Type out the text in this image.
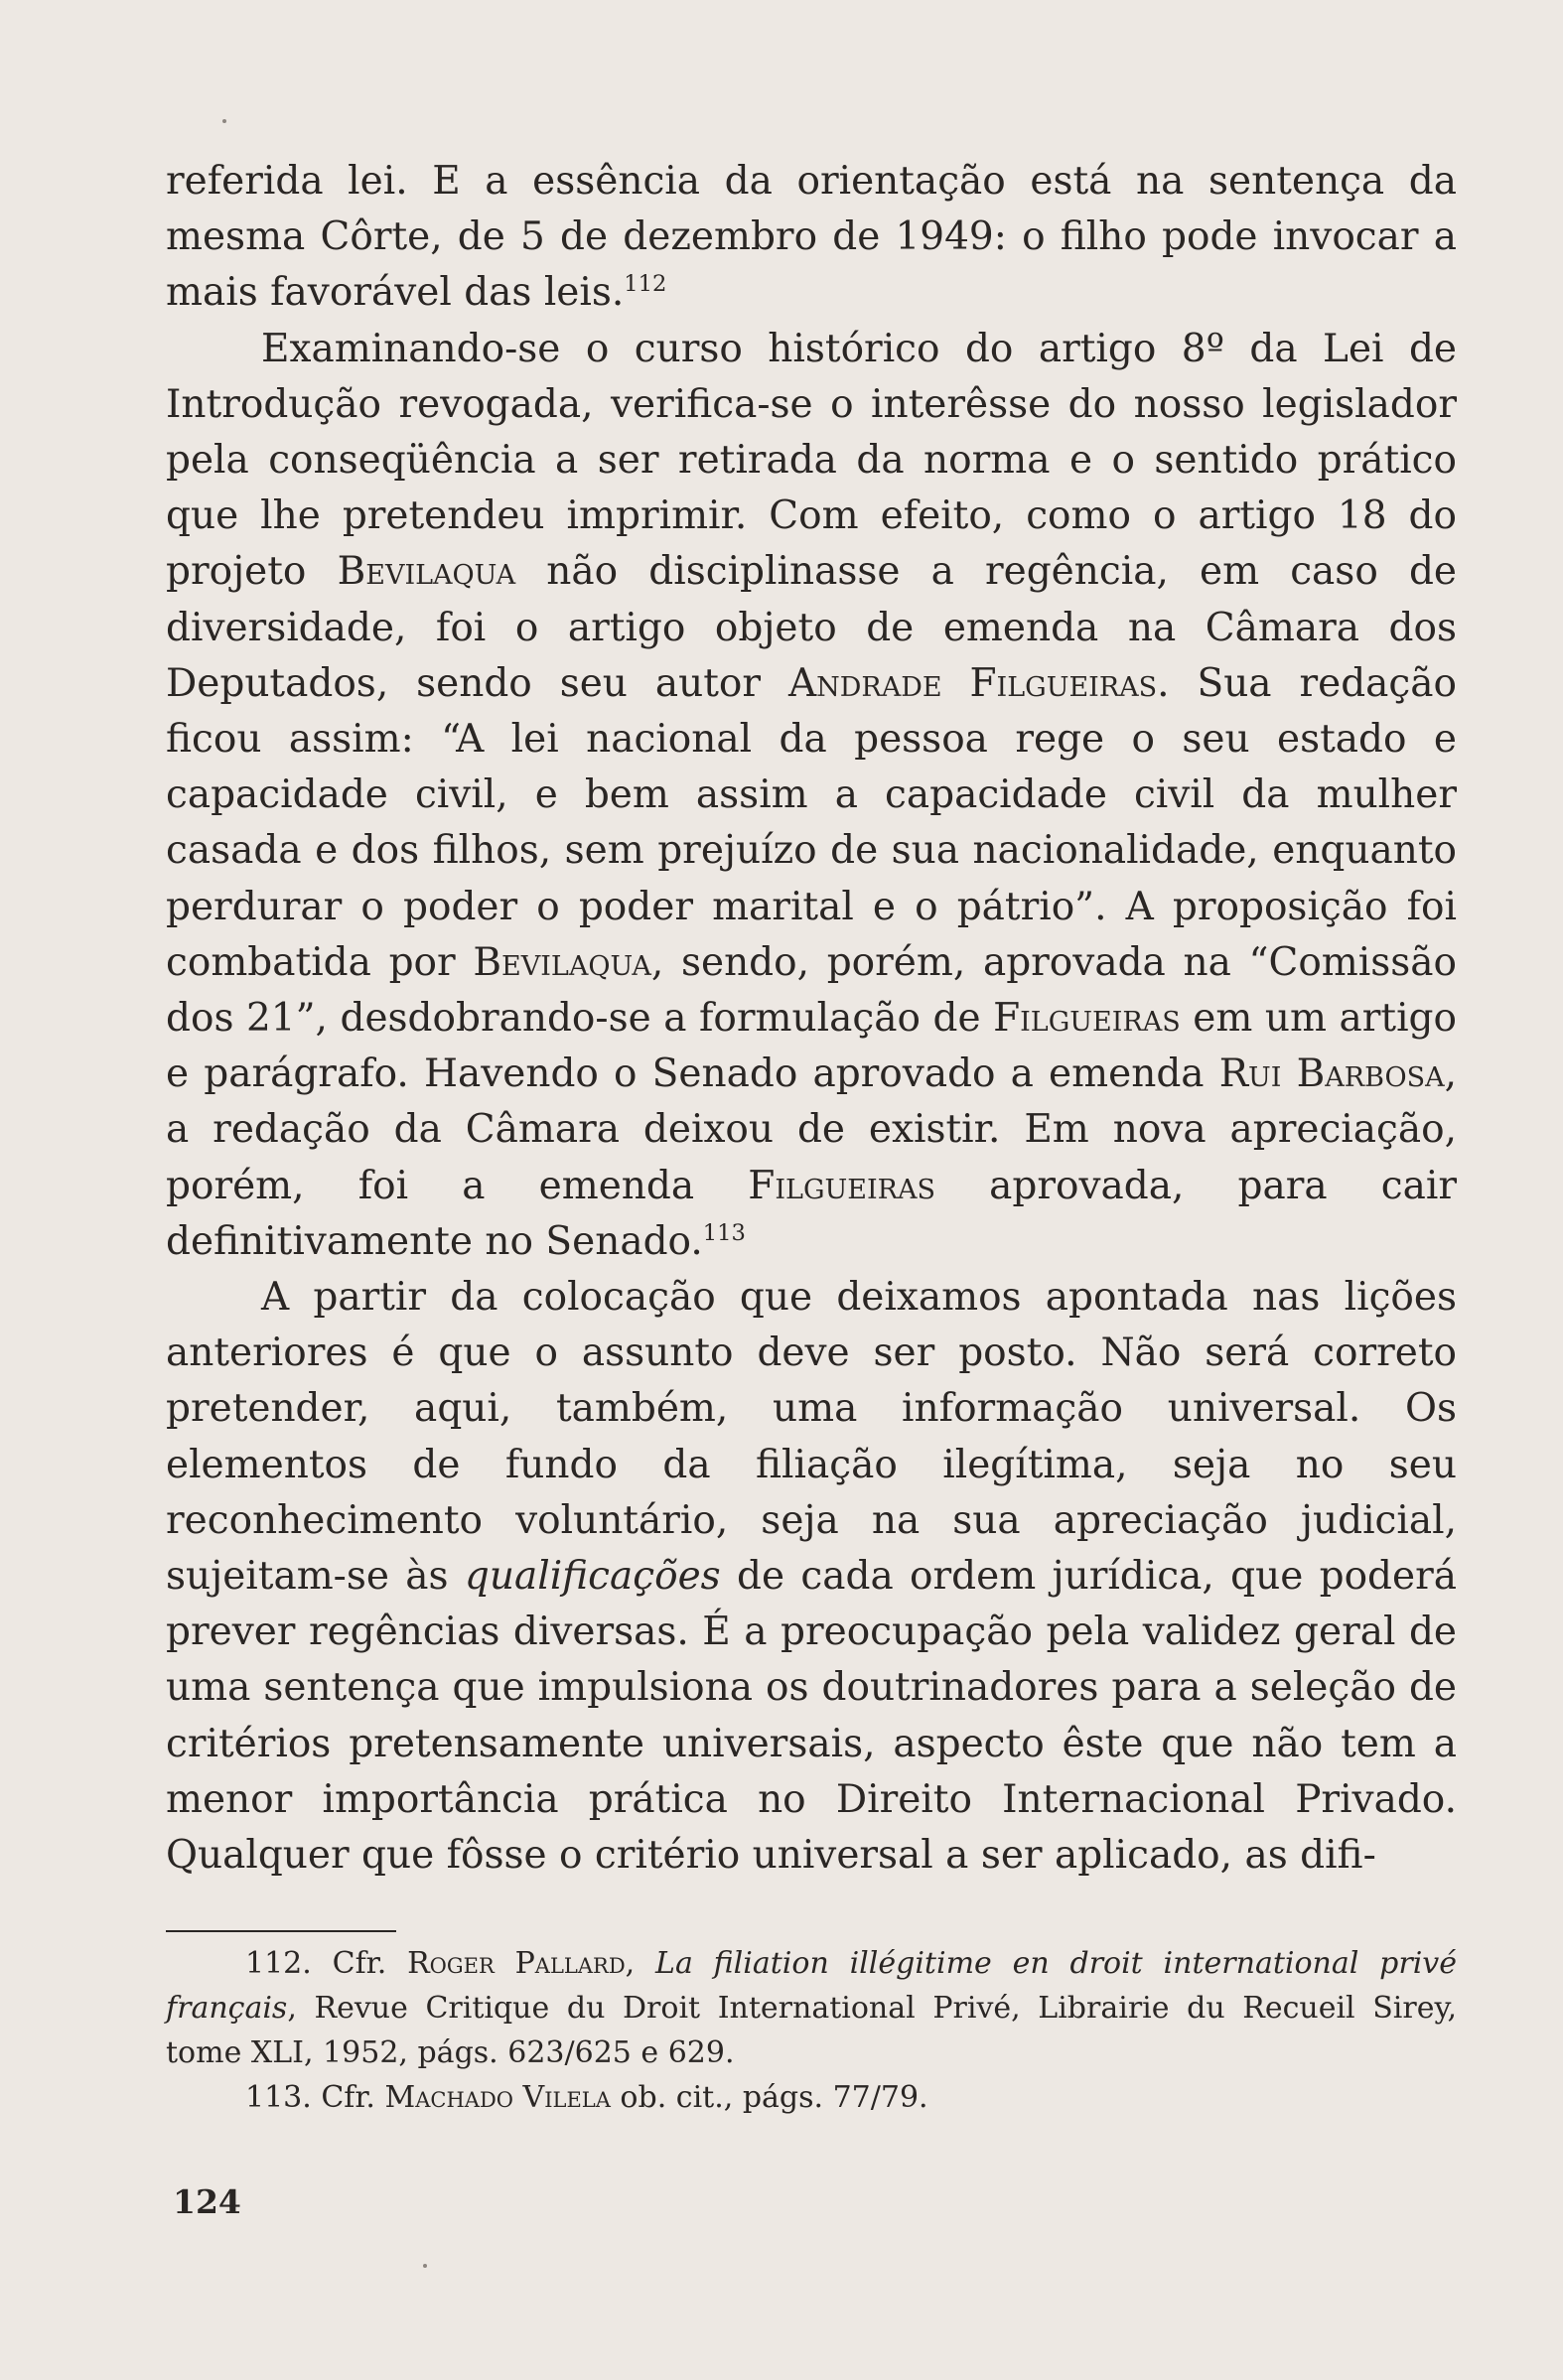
referida lei. E a essência da orientação está na sentença da mesma Côrte, de 5 de dezembro de 1949: o filho pode invocar a mais favorável das leis.$^{112}$

Examinando-se o curso histórico do artigo 8º da Lei de Introdução revogada, verifica-se o interêsse do nosso legislador pela conseqüência a ser retirada da norma e o sentido prático que lhe pretendeu imprimir. Com efeito, como o artigo 18 do projeto Bevilaqua não disciplinasse a regência, em caso de diversidade, foi o artigo objeto de emenda na Câmara dos Deputados, sendo seu autor Andrade Filgueiras. Sua redação ficou assim: “A lei nacional da pessoa rege o seu estado e capacidade civil, e bem assim a capacidade civil da mulher casada e dos filhos, sem prejuízo de sua nacionalidade, enquanto perdurar o poder o poder marital e o pátrio”. A proposição foi combatida por Bevilaqua, sendo, porém, aprovada na “Comissão dos 21”, desdobrando-se a formulação de Filgueiras em um artigo e parágrafo. Havendo o Senado aprovado a emenda Rui Barbosa, a redação da Câmara deixou de existir. Em nova apreciação, porém, foi a emenda Filgueiras aprovada, para cair definitivamente no Senado.$^{113}$

A partir da colocação que deixamos apontada nas lições anteriores é que o assunto deve ser posto. Não será correto pretender, aqui, também, uma informação universal. Os elementos de fundo da filiação ilegítima, seja no seu reconhecimento voluntário, seja na sua apreciação judicial, sujeitam-se às qualificações de cada ordem jurídica, que poderá prever regências diversas. É a preocupação pela validez geral de uma sentença que impulsiona os doutrinadores para a seleção de critérios pretensamente universais, aspecto êste que não tem a menor importância prática no Direito Internacional Privado. Qualquer que fôsse o critério universal a ser aplicado, as difi-

112. Cfr. Roger Pallard, La filiation illégitime en droit international privé français, Revue Critique du Droit International Privé, Librairie du Recueil Sirey, tome XLI, 1952, págs. 623/625 e 629.

113. Cfr. Machado Vilela ob. cit., págs. 77/79.

124
